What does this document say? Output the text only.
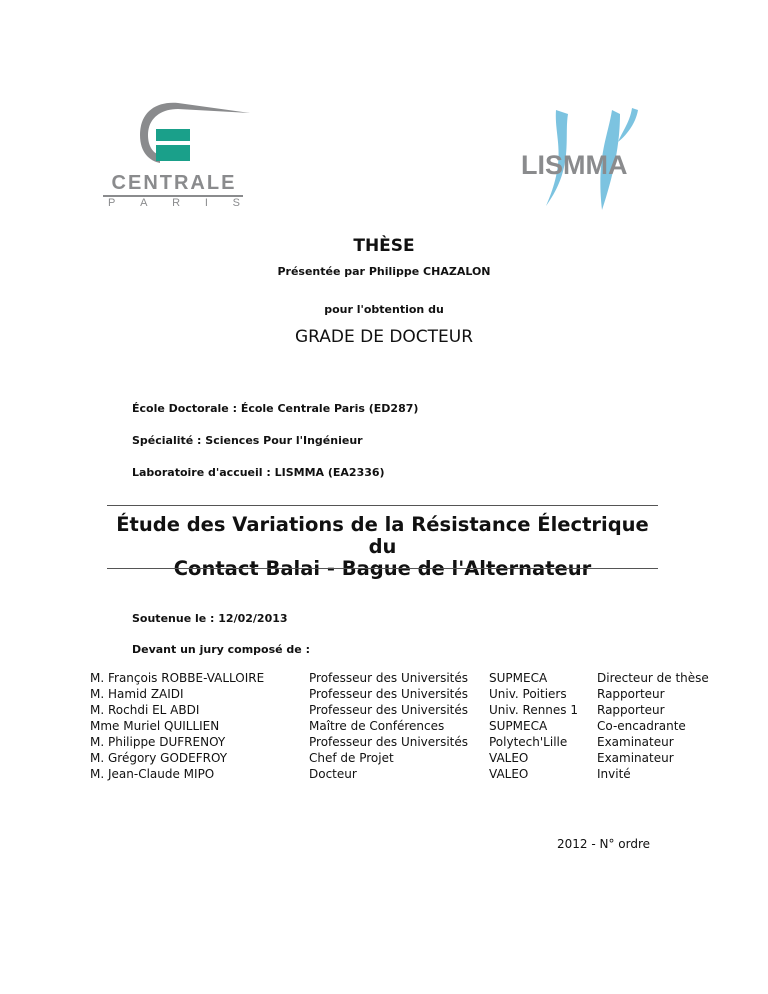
CENTRALE
P A R I S
LISMMA
THÈSE
Présentée par Philippe CHAZALON
pour l'obtention du
GRADE DE DOCTEUR
École Doctorale : École Centrale Paris (ED287)
Spécialité : Sciences Pour l'Ingénieur
Laboratoire d'accueil : LISMMA (EA2336)
Étude des Variations de la Résistance Électrique du
Contact Balai - Bague de l'Alternateur
Soutenue le : 12/02/2013
Devant un jury composé de :
M. François ROBBE-VALLOIRE	Professeur des Universités	SUPMECA	Directeur de thèse
M. Hamid ZAIDI	Professeur des Universités	Univ. Poitiers	Rapporteur
M. Rochdi EL ABDI	Professeur des Universités	Univ. Rennes 1	Rapporteur
Mme Muriel QUILLIEN	Maître de Conférences	SUPMECA	Co-encadrante
M. Philippe DUFRENOY	Professeur des Universités	Polytech'Lille	Examinateur
M. Grégory GODEFROY	Chef de Projet	VALEO	Examinateur
M. Jean-Claude MIPO	Docteur	VALEO	Invité
2012 - N° ordre
